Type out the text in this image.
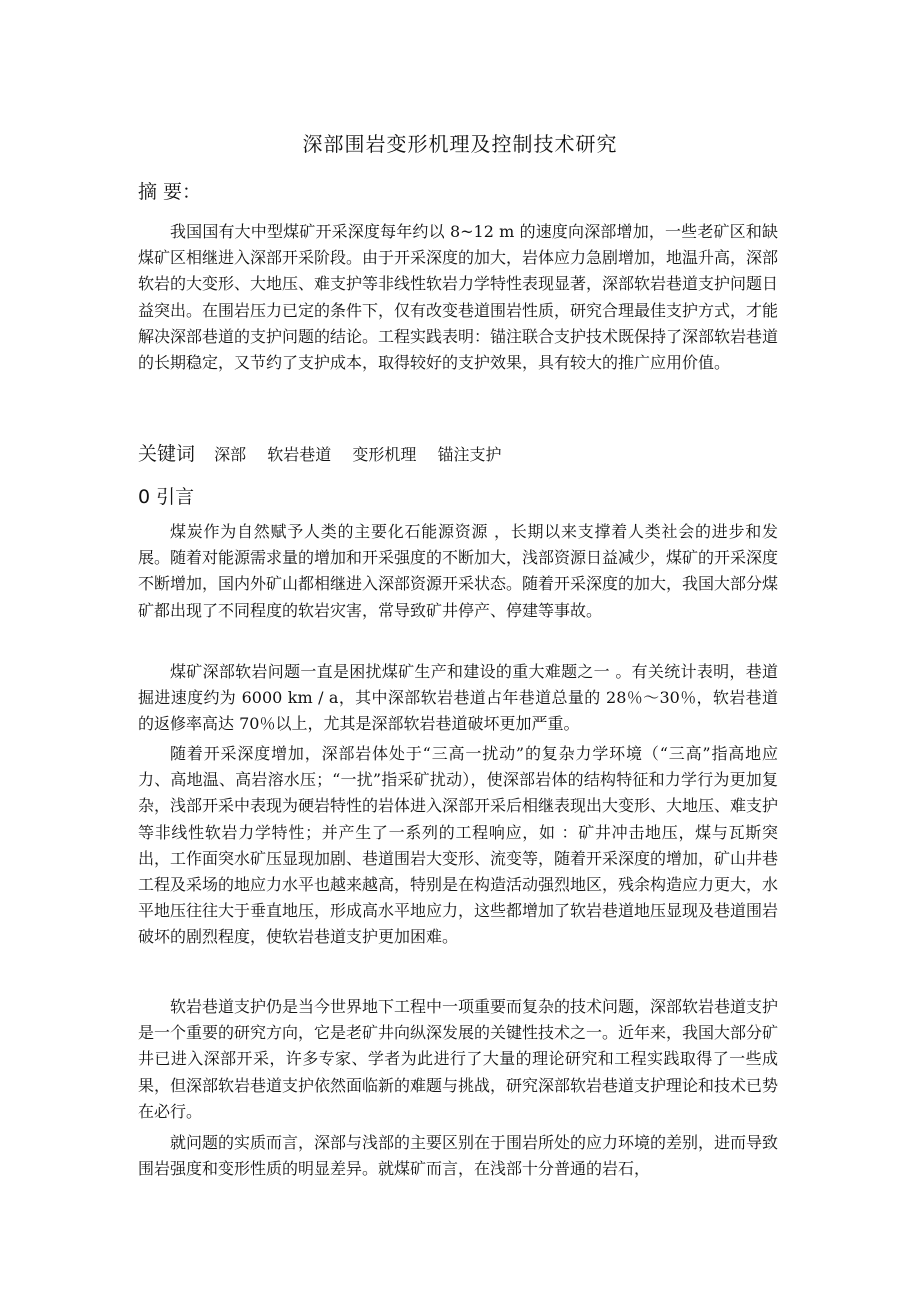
深部围岩变形机理及控制技术研究
摘 要：

我国国有大中型煤矿开采深度每年约以 8~12 m 的速度向深部增加，一些老矿区和缺煤矿区相继进入深部开采阶段。由于开采深度的加大，岩体应力急剧增加，地温升高，深部软岩的大变形、大地压、难支护等非线性软岩力学特性表现显著，深部软岩巷道支护问题日益突出。在围岩压力已定的条件下，仅有改变巷道围岩性质，研究合理最佳支护方式，才能解决深部巷道的支护问题的结论。工程实践表明：锚注联合支护技术既保持了深部软岩巷道的长期稳定，又节约了支护成本，取得较好的支护效果，具有较大的推广应用价值。

关键词 深部 软岩巷道 变形机理 锚注支护
0 引言

煤炭作为自然赋予人类的主要化石能源资源 ，长期以来支撑着人类社会的进步和发展。随着对能源需求量的增加和开采强度的不断加大，浅部资源日益减少，煤矿的开采深度不断增加，国内外矿山都相继进入深部资源开采状态。随着开采深度的加大，我国大部分煤矿都出现了不同程度的软岩灾害，常导致矿井停产、停建等事故。

煤矿深部软岩问题一直是困扰煤矿生产和建设的重大难题之一 。有关统计表明，巷道掘进速度约为 6000 km / a，其中深部软岩巷道占年巷道总量的 28％～30％，软岩巷道的返修率高达 70％以上，尤其是深部软岩巷道破坏更加严重。

随着开采深度增加，深部岩体处于“三高一扰动”的复杂力学环境（“三高”指高地应力、高地温、高岩溶水压；“一扰”指采矿扰动），使深部岩体的结构特征和力学行为更加复杂，浅部开采中表现为硬岩特性的岩体进入深部开采后相继表现出大变形、大地压、难支护等非线性软岩力学特性；并产生了一系列的工程响应，如 ：矿井冲击地压，煤与瓦斯突出，工作面突水矿压显现加剧、巷道围岩大变形、流变等，随着开采深度的增加，矿山井巷工程及采场的地应力水平也越来越高，特别是在构造活动强烈地区，残余构造应力更大，水平地压往往大于垂直地压，形成高水平地应力，这些都增加了软岩巷道地压显现及巷道围岩破坏的剧烈程度，使软岩巷道支护更加困难。

软岩巷道支护仍是当今世界地下工程中一项重要而复杂的技术问题，深部软岩巷道支护是一个重要的研究方向，它是老矿井向纵深发展的关键性技术之一。近年来，我国大部分矿井已进入深部开采，许多专家、学者为此进行了大量的理论研究和工程实践取得了一些成果，但深部软岩巷道支护依然面临新的难题与挑战，研究深部软岩巷道支护理论和技术已势在必行。

就问题的实质而言，深部与浅部的主要区别在于围岩所处的应力环境的差别，进而导致围岩强度和变形性质的明显差异。就煤矿而言，在浅部十分普通的岩石，
